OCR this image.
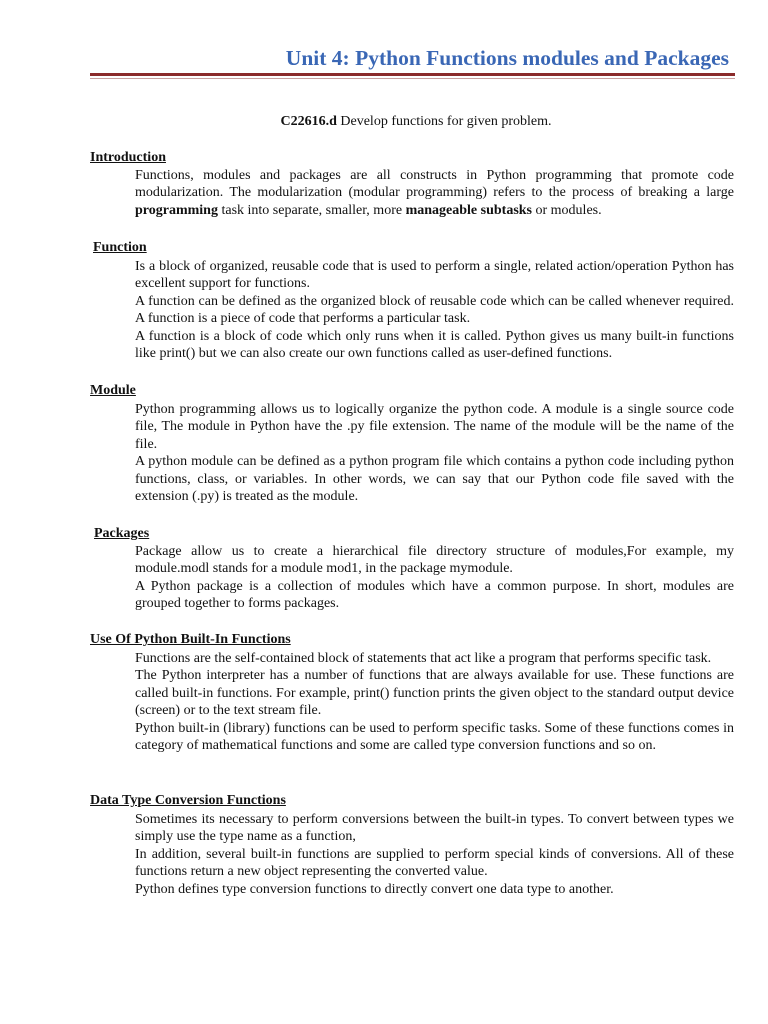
Unit 4: Python Functions modules and Packages
C22616.d Develop functions for given problem.
Introduction

Functions, modules and packages are all constructs in Python programming that promote code modularization. The modularization (modular programming) refers to the process of breaking a large programming task into separate, smaller, more manageable subtasks or modules.

Function

Is a block of organized, reusable code that is used to perform a single, related action/operation Python has excellent support for functions.

A function can be defined as the organized block of reusable code which can be called whenever required. A function is a piece of code that performs a particular task.

A function is a block of code which only runs when it is called. Python gives us many built-in functions like print() but we can also create our own functions called as user-defined functions.

Module

Python programming allows us to logically organize the python code. A module is a single source code file, The module in Python have the .py file extension. The name of the module will be the name of the file.

A python module can be defined as a python program file which contains a python code including python functions, class, or variables. In other words, we can say that our Python code file saved with the extension (.py) is treated as the module.

Packages

Package allow us to create a hierarchical file directory structure of modules,For example, my module.modl stands for a module mod1, in the package mymodule.

A Python package is a collection of modules which have a common purpose. In short, modules are grouped together to forms packages.

Use Of Python Built-In Functions

Functions are the self-contained block of statements that act like a program that performs specific task.

The Python interpreter has a number of functions that are always available for use. These functions are called built-in functions. For example, print() function prints the given object to the standard output device (screen) or to the text stream file.

Python built-in (library) functions can be used to perform specific tasks. Some of these functions comes in category of mathematical functions and some are called type conversion functions and so on.

Data Type Conversion Functions

Sometimes its necessary to perform conversions between the built-in types. To convert between types we simply use the type name as a function,

In addition, several built-in functions are supplied to perform special kinds of conversions. All of these functions return a new object representing the converted value.

Python defines type conversion functions to directly convert one data type to another.
